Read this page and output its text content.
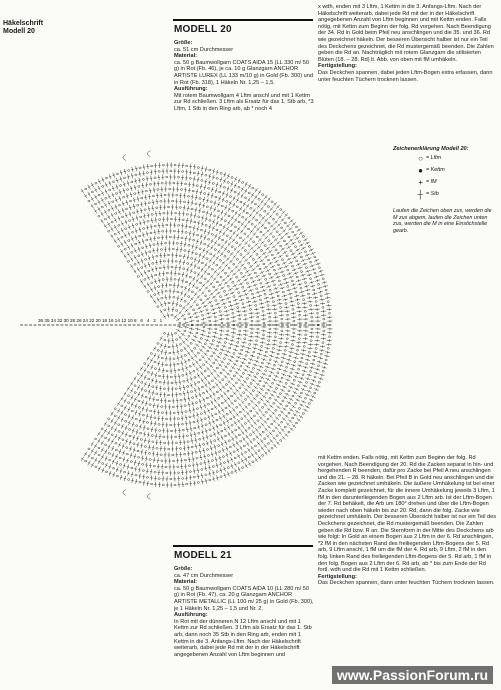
36 35 34 32 30 28 26 24 22 20 18 16 14 12 10 8 6 4 2 1
Häkelschrift
Modell 20	MODELL 20

Größe:

ca. 51 cm Durchmesser

Material:

ca. 50 g Baumwollgarn COATS AIDA 15 (LL 330 m/ 50 g) in Rot (Fb. 46), je ca. 10 g Glanzgarn ANCHOR ARTISTE LUREX (LL 133 m/10 g) in Gold (Fb. 300) und in Rot (Fb. 318), 1 Häkeln Nr. 1,25 – 1,5.

Ausführung:

Mit rotem Baumwollgarn 4 Lftm anschl und mit 1 Kettm zur Rd schließen. 3 Lftm als Ersatz für das 1. Stb arb, *3 Lftm, 1 Stb in den Ring arb, ab * noch 4

x wdh, enden mit 3 Lftm, 1 Kettm in die 3. Anfangs-Lftm. Nach der Häkelschrift weiterarb, dabei jede Rd mit der in der Häkelschrift angegebenen Anzahl von Lftm beginnen und mit Kettm enden. Falls nötig, mit Kettm zum Beginn der folg. Rd vorgehen. Nach Beendigung der 34. Rd in Gold beim Pfeil neu anschlingen und die 35. und 36. Rd wie gezeichnet häkeln. Der besseren Übersicht halber ist nur ein Teil des Deckchens gezeichnet, die Rd mustergemäß beenden. Die Zahlen geben die Rd an. Nachträglich mit rotem Glanzgarn die stilisierten Blüten (18. – 28. Rd) lt. Abb. von oben mit fM umhäkeln.

Fertigstellung:

Das Deckchen spannen, dabei jeden Lftm-Bogen extra erfassen, dann unter feuchten Tüchern trocknen lassen.

Zeichenerklärung Modell 20:
○ = Lftm
● = Kettm
+ = fM
┼ = Stb
Laufen die Zeichen oben zus, werden die M zus abgem, laufen die Zeichen unten zus, werden die M in eine Einstichstelle gearb.

mit Kettm enden. Falls nötig, mit Kettm zum Beginn der folg. Rd vorgehen. Nach Beendigung der 20. Rd die Zacken separat in hin- und hergehenden R beenden, dafür pro Zacke bei Pfeil A neu anschlingen und die 21. – 28. R häkeln. Bei Pfeil B in Gold neu anschlingen und die Zacken wie gezeichnet umhäkeln. Die äußere Umhäkelung ist bei einer Zacke komplett gezeichnet, für die innere Umhäkelung jeweils 3 Lftm, 1 fM in den darunterliegenden Bogen aus 2 Lftm arb. Ist der Lftm-Bogen der 7. Rd behäkelt, die Arb um 180° drehen und über die Lftm-Bogen wieder nach oben häkeln bis zur 20. Rd, dann die folg. Zacke wie gezeichnet umhäkeln. Der besseren Übersicht halber ist nur ein Teil des Deckchens gezeichnet, die Rd mustergemäß beenden. Die Zahlen geben die Rd bzw. R an. Die Sternform in der Mitte des Deckchens arb wie folgt: In Gold an einem Bogen aus 2 Lftm in der 6. Rd anschlingen, *2 fM in den nächsten Rand des freiliegenden Lftm-Bogens der 5. Rd arb, 9 Lftm anschl, 1 fM um die fM der 4. Rd arb, 9 Lftm, 2 fM in den folg. linken Rand des freiliegenden Lftm-Bogens der 5. Rd arb, 1 fM in den folg. Bogen aus 2 Lftm der 6. Rd arb, ab * bis zum Ende der Rd fortl. wdh und die Rd mit 1 Kettm schließen.

Fertigstellung:

Das Deckchen spannen, dann unter feuchten Tüchern trocknen lassen.

MODELL 21

Größe:

ca. 47 cm Durchmesser

Material:

ca. 50 g Baumwollgarn COATS AIDA 10 (LL 280 m/ 50 g) in Rot (Fb. 47), ca. 20 g Glanzgarn ANCHOR ARTISTE METALLIC (LL 100 m/ 25 g) in Gold (Fb. 300), je 1 Häkeln Nr. 1,25 – 1,5 und Nr. 2.

Ausführung:

In Rot mit der dünneren N 12 Lftm anschl und mit 1 Kettm zur Rd schließen. 3 Lftm als Ersatz für das 1. Stb arb, dann noch 35 Stb in den Ring arb, enden mit 1 Kettm in die 3. Anfangs-Lftm. Nach der Häkelschrift weiterarb, dabei jede Rd mit der in der Häkelschrift angegebenen Anzahl von Lftm beginnen und

www.PassionForum.ru
